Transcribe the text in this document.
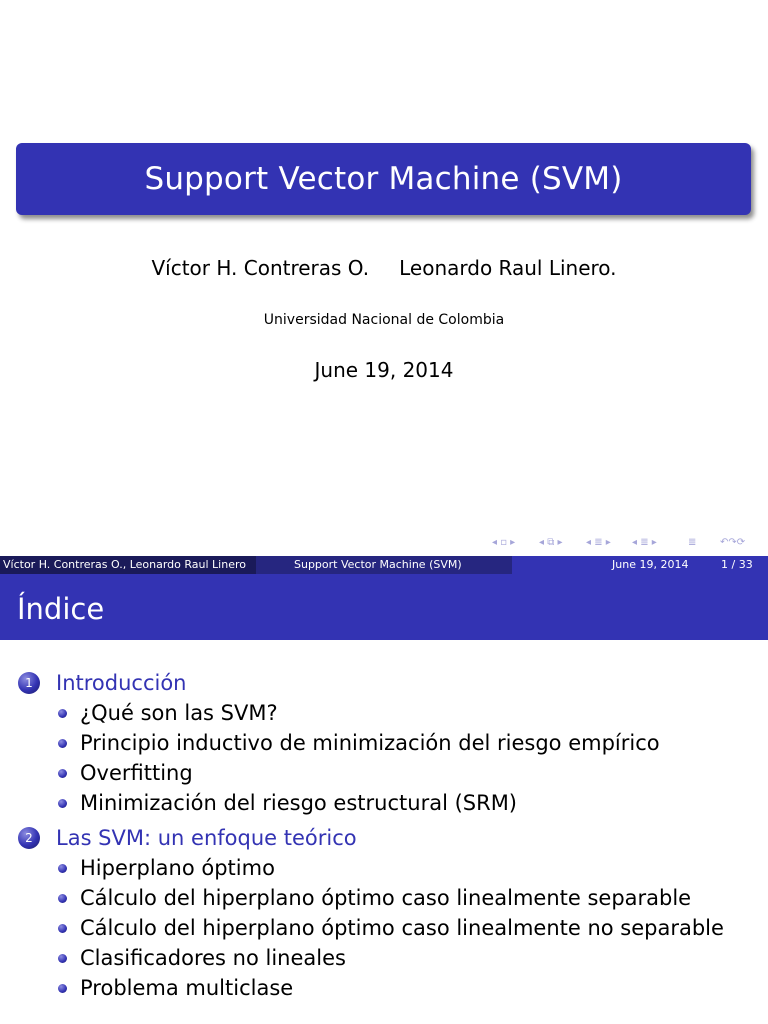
Support Vector Machine (SVM)
Víctor H. Contreras O. Leonardo Raul Linero.
Universidad Nacional de Colombia
June 19, 2014
◂ ▫ ▸ ◂ ⧉ ▸ ◂ ≣ ▸ ◂ ≣ ▸	≣ ↶↷⟳
Víctor H. Contreras O., Leonardo Raul Linero	Support Vector Machine (SVM)	June 19, 2014	1 / 33
Índice
1	Introducción
¿Qué son las SVM?
Principio inductivo de minimización del riesgo empírico
Overfitting
Minimización del riesgo estructural (SRM)
2	Las SVM: un enfoque teórico
Hiperplano óptimo
Cálculo del hiperplano óptimo caso linealmente separable
Cálculo del hiperplano óptimo caso linealmente no separable
Clasificadores no lineales
Problema multiclase
